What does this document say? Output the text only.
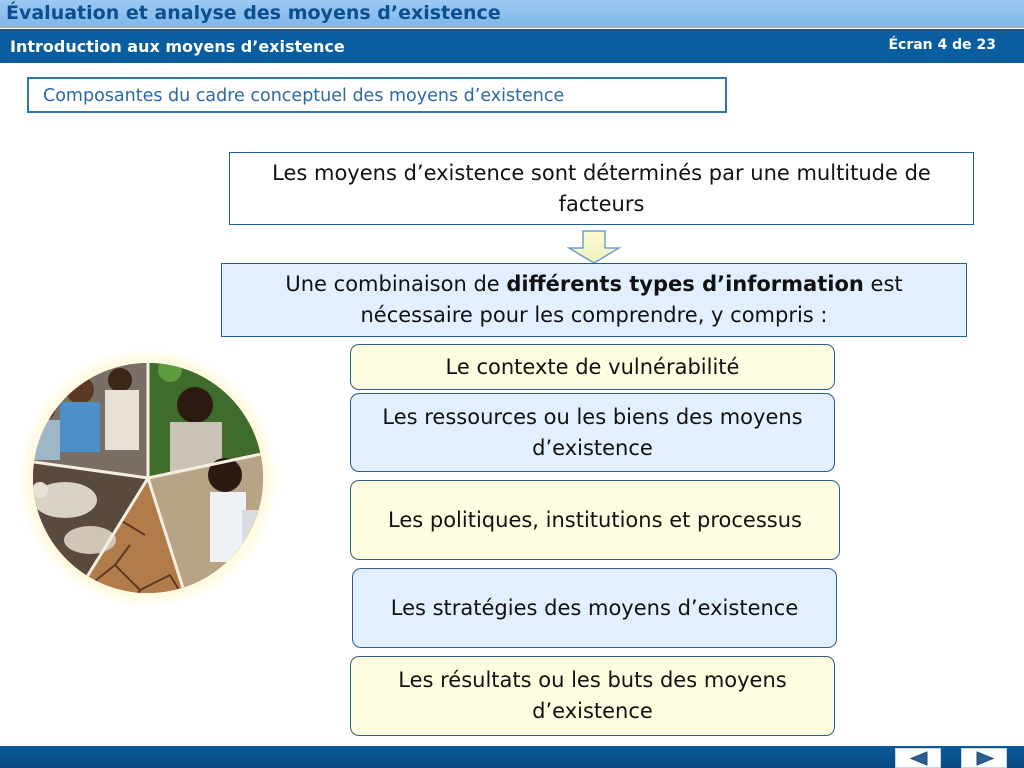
Évaluation et analyse des moyens d’existence
Introduction aux moyens d’existence	Écran 4 de 23
Composantes du cadre conceptuel des moyens d’existence
Les moyens d’existence sont déterminés par une multitude de facteurs
Une combinaison de différents types d’information est nécessaire pour les comprendre, y compris :
Le contexte de vulnérabilité
Les ressources ou les biens des moyens d’existence
Les politiques, institutions et processus
Les stratégies des moyens d’existence
Les résultats ou les buts des moyens d’existence
